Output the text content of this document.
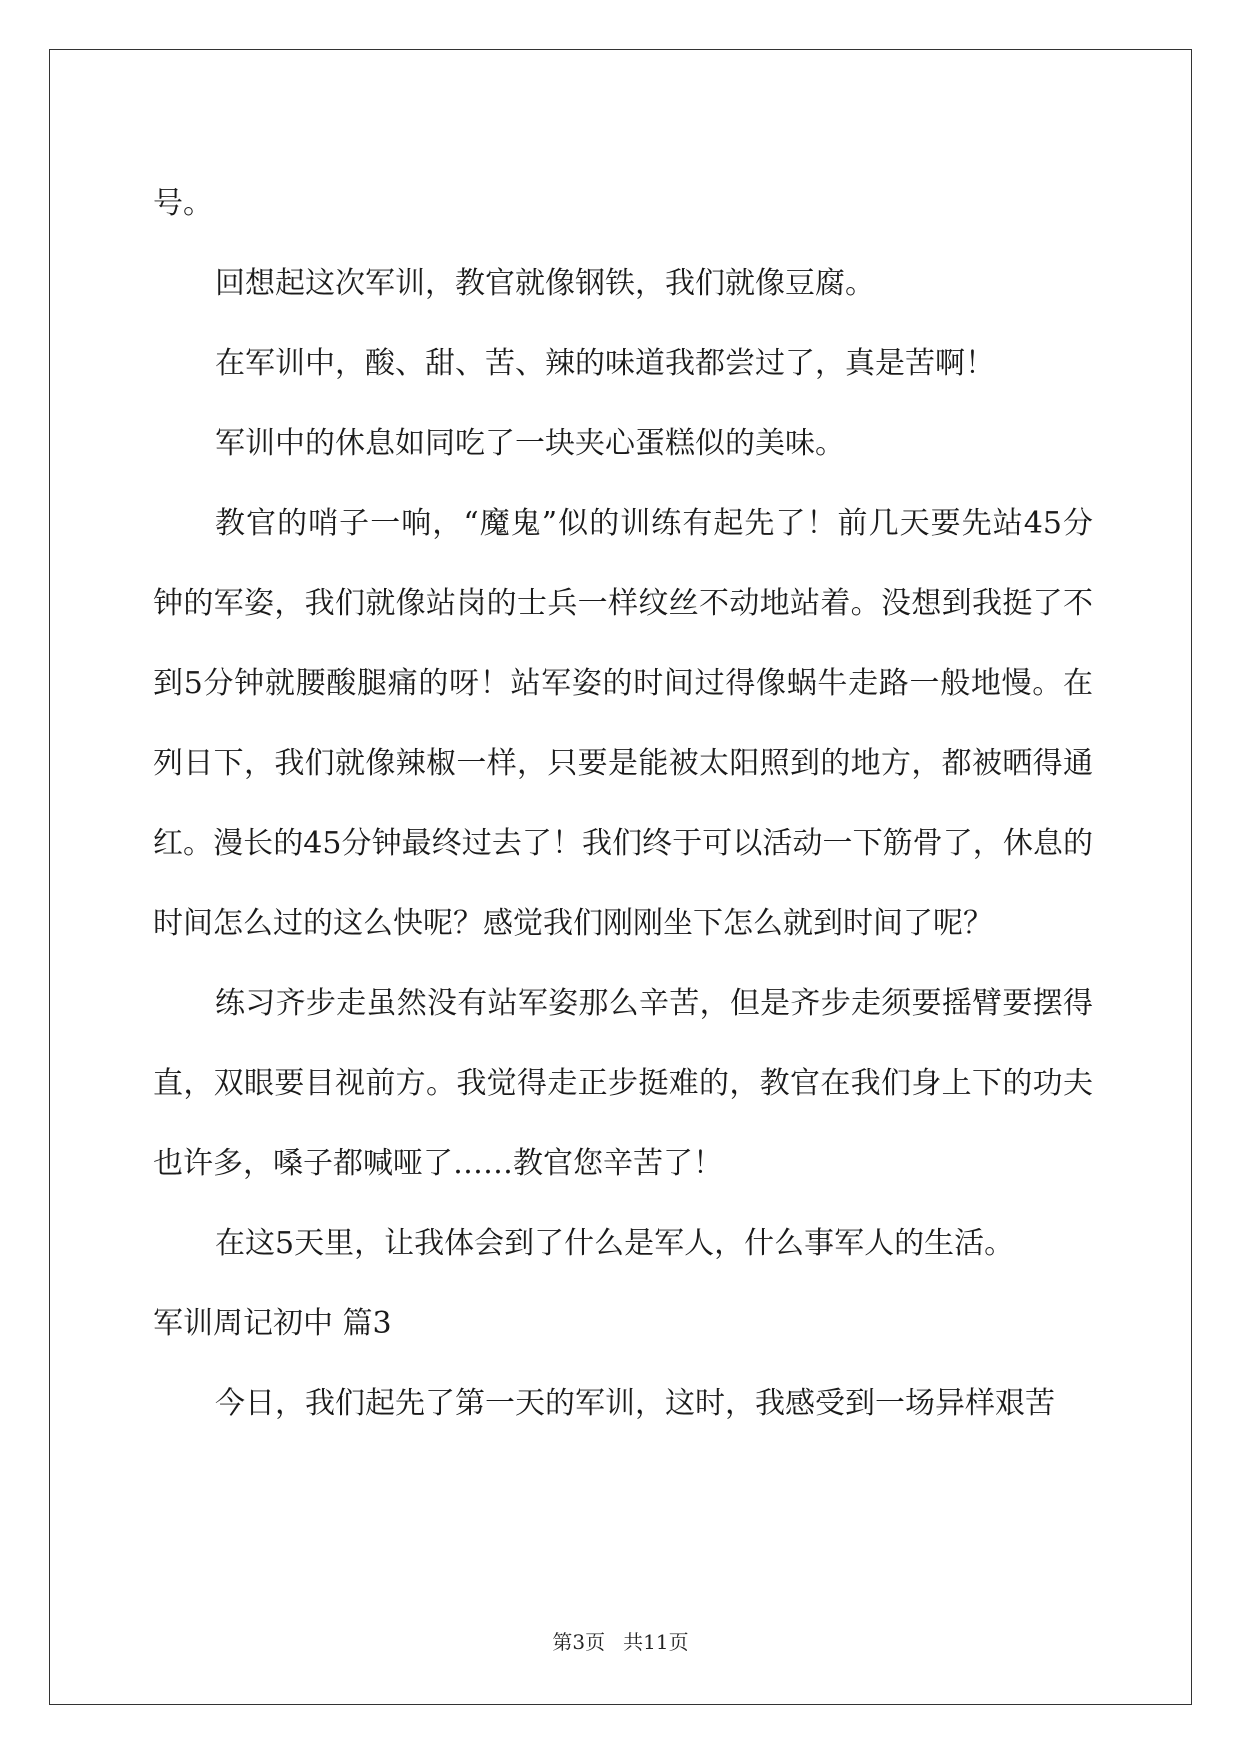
号。

回想起这次军训，教官就像钢铁，我们就像豆腐。

在军训中，酸、甜、苦、辣的味道我都尝过了，真是苦啊！

军训中的休息如同吃了一块夹心蛋糕似的美味。

教官的哨子一响，“魔鬼”似的训练有起先了！前几天要先站45分钟的军姿，我们就像站岗的士兵一样纹丝不动地站着。没想到我挺了不到5分钟就腰酸腿痛的呀！站军姿的时间过得像蜗牛走路一般地慢。在列日下，我们就像辣椒一样，只要是能被太阳照到的地方，都被晒得通红。漫长的45分钟最终过去了！我们终于可以活动一下筋骨了，休息的时间怎么过的这么快呢？感觉我们刚刚坐下怎么就到时间了呢？

练习齐步走虽然没有站军姿那么辛苦，但是齐步走须要摇臂要摆得直，双眼要目视前方。我觉得走正步挺难的，教官在我们身上下的功夫也许多，嗓子都喊哑了……教官您辛苦了！

在这5天里，让我体会到了什么是军人，什么事军人的生活。

军训周记初中 篇3

今日，我们起先了第一天的军训，这时，我感受到一场异样艰苦

第3页 共11页
